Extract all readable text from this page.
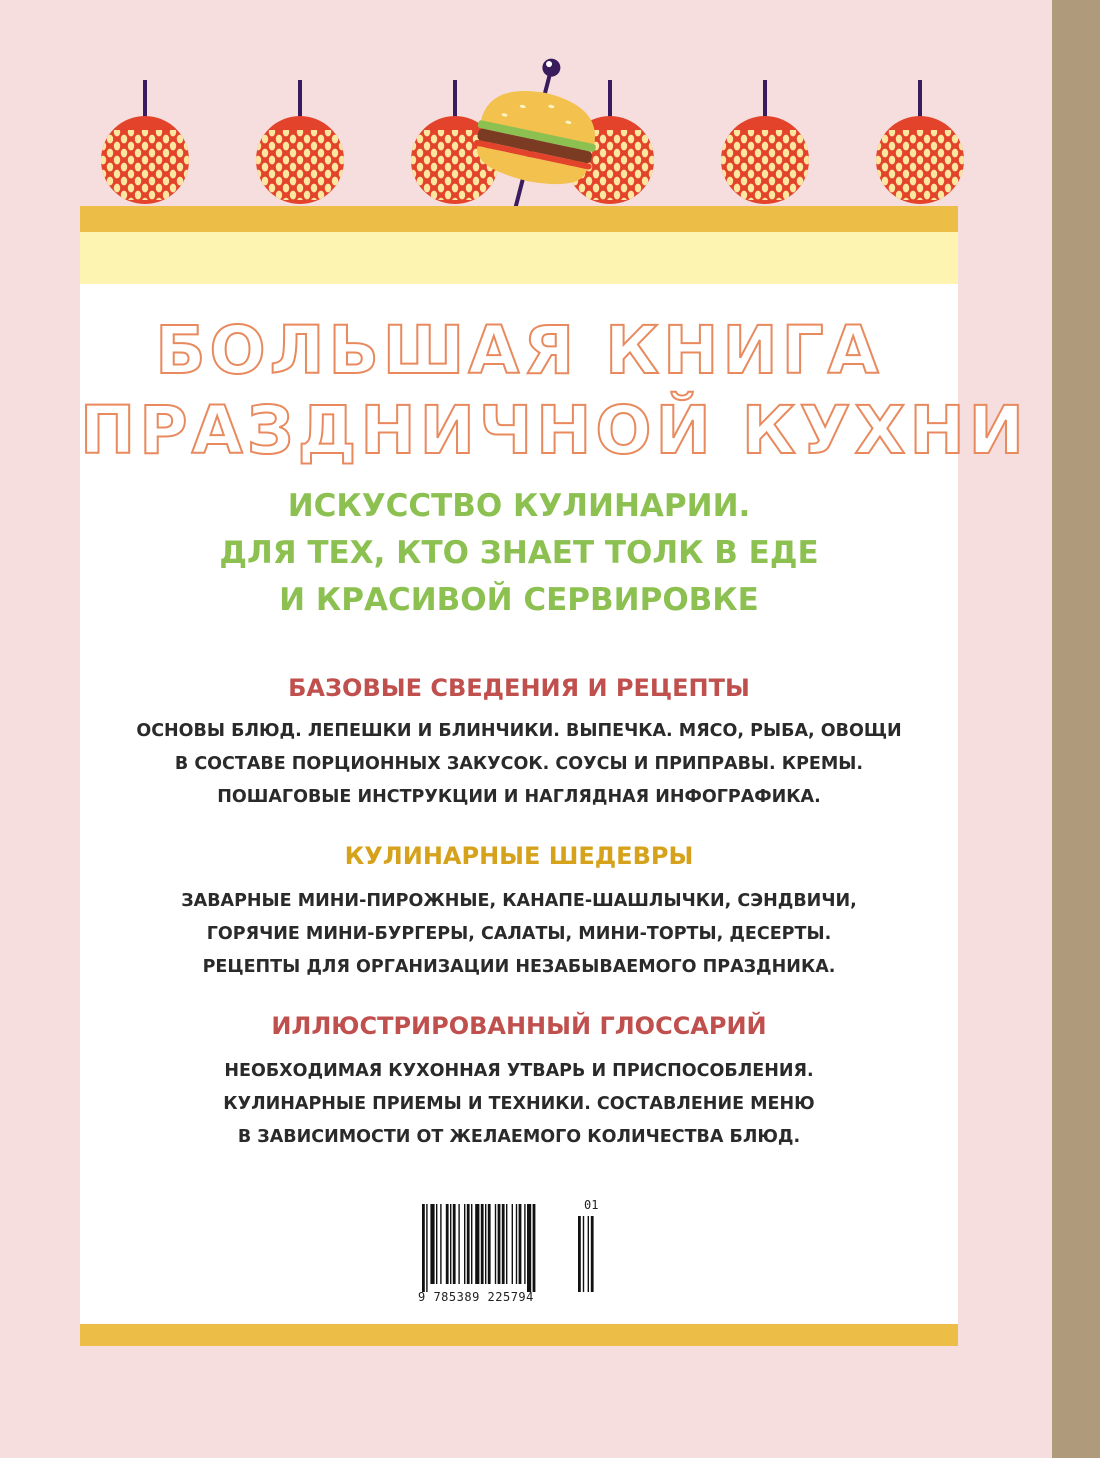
БОЛЬШАЯ КНИГА
ПРАЗДНИЧНОЙ КУХНИ
ИСКУССТВО КУЛИНАРИИ.
ДЛЯ ТЕХ, КТО ЗНАЕТ ТОЛК В ЕДЕ
И КРАСИВОЙ СЕРВИРОВКЕ
БАЗОВЫЕ СВЕДЕНИЯ И РЕЦЕПТЫ
ОСНОВЫ БЛЮД. ЛЕПЕШКИ И БЛИНЧИКИ. ВЫПЕЧКА. МЯСО, РЫБА, ОВОЩИ
В СОСТАВЕ ПОРЦИОННЫХ ЗАКУСОК. СОУСЫ И ПРИПРАВЫ. КРЕМЫ.
ПОШАГОВЫЕ ИНСТРУКЦИИ И НАГЛЯДНАЯ ИНФОГРАФИКА.
КУЛИНАРНЫЕ ШЕДЕВРЫ
ЗАВАРНЫЕ МИНИ-ПИРОЖНЫЕ, КАНАПЕ-ШАШЛЫЧКИ, СЭНДВИЧИ,
ГОРЯЧИЕ МИНИ-БУРГЕРЫ, САЛАТЫ, МИНИ-ТОРТЫ, ДЕСЕРТЫ.
РЕЦЕПТЫ ДЛЯ ОРГАНИЗАЦИИ НЕЗАБЫВАЕМОГО ПРАЗДНИКА.
ИЛЛЮСТРИРОВАННЫЙ ГЛОССАРИЙ
НЕОБХОДИМАЯ КУХОННАЯ УТВАРЬ И ПРИСПОСОБЛЕНИЯ.
КУЛИНАРНЫЕ ПРИЕМЫ И ТЕХНИКИ. СОСТАВЛЕНИЕ МЕНЮ
В ЗАВИСИМОСТИ ОТ ЖЕЛАЕМОГО КОЛИЧЕСТВА БЛЮД.
9 785389 225794
01
